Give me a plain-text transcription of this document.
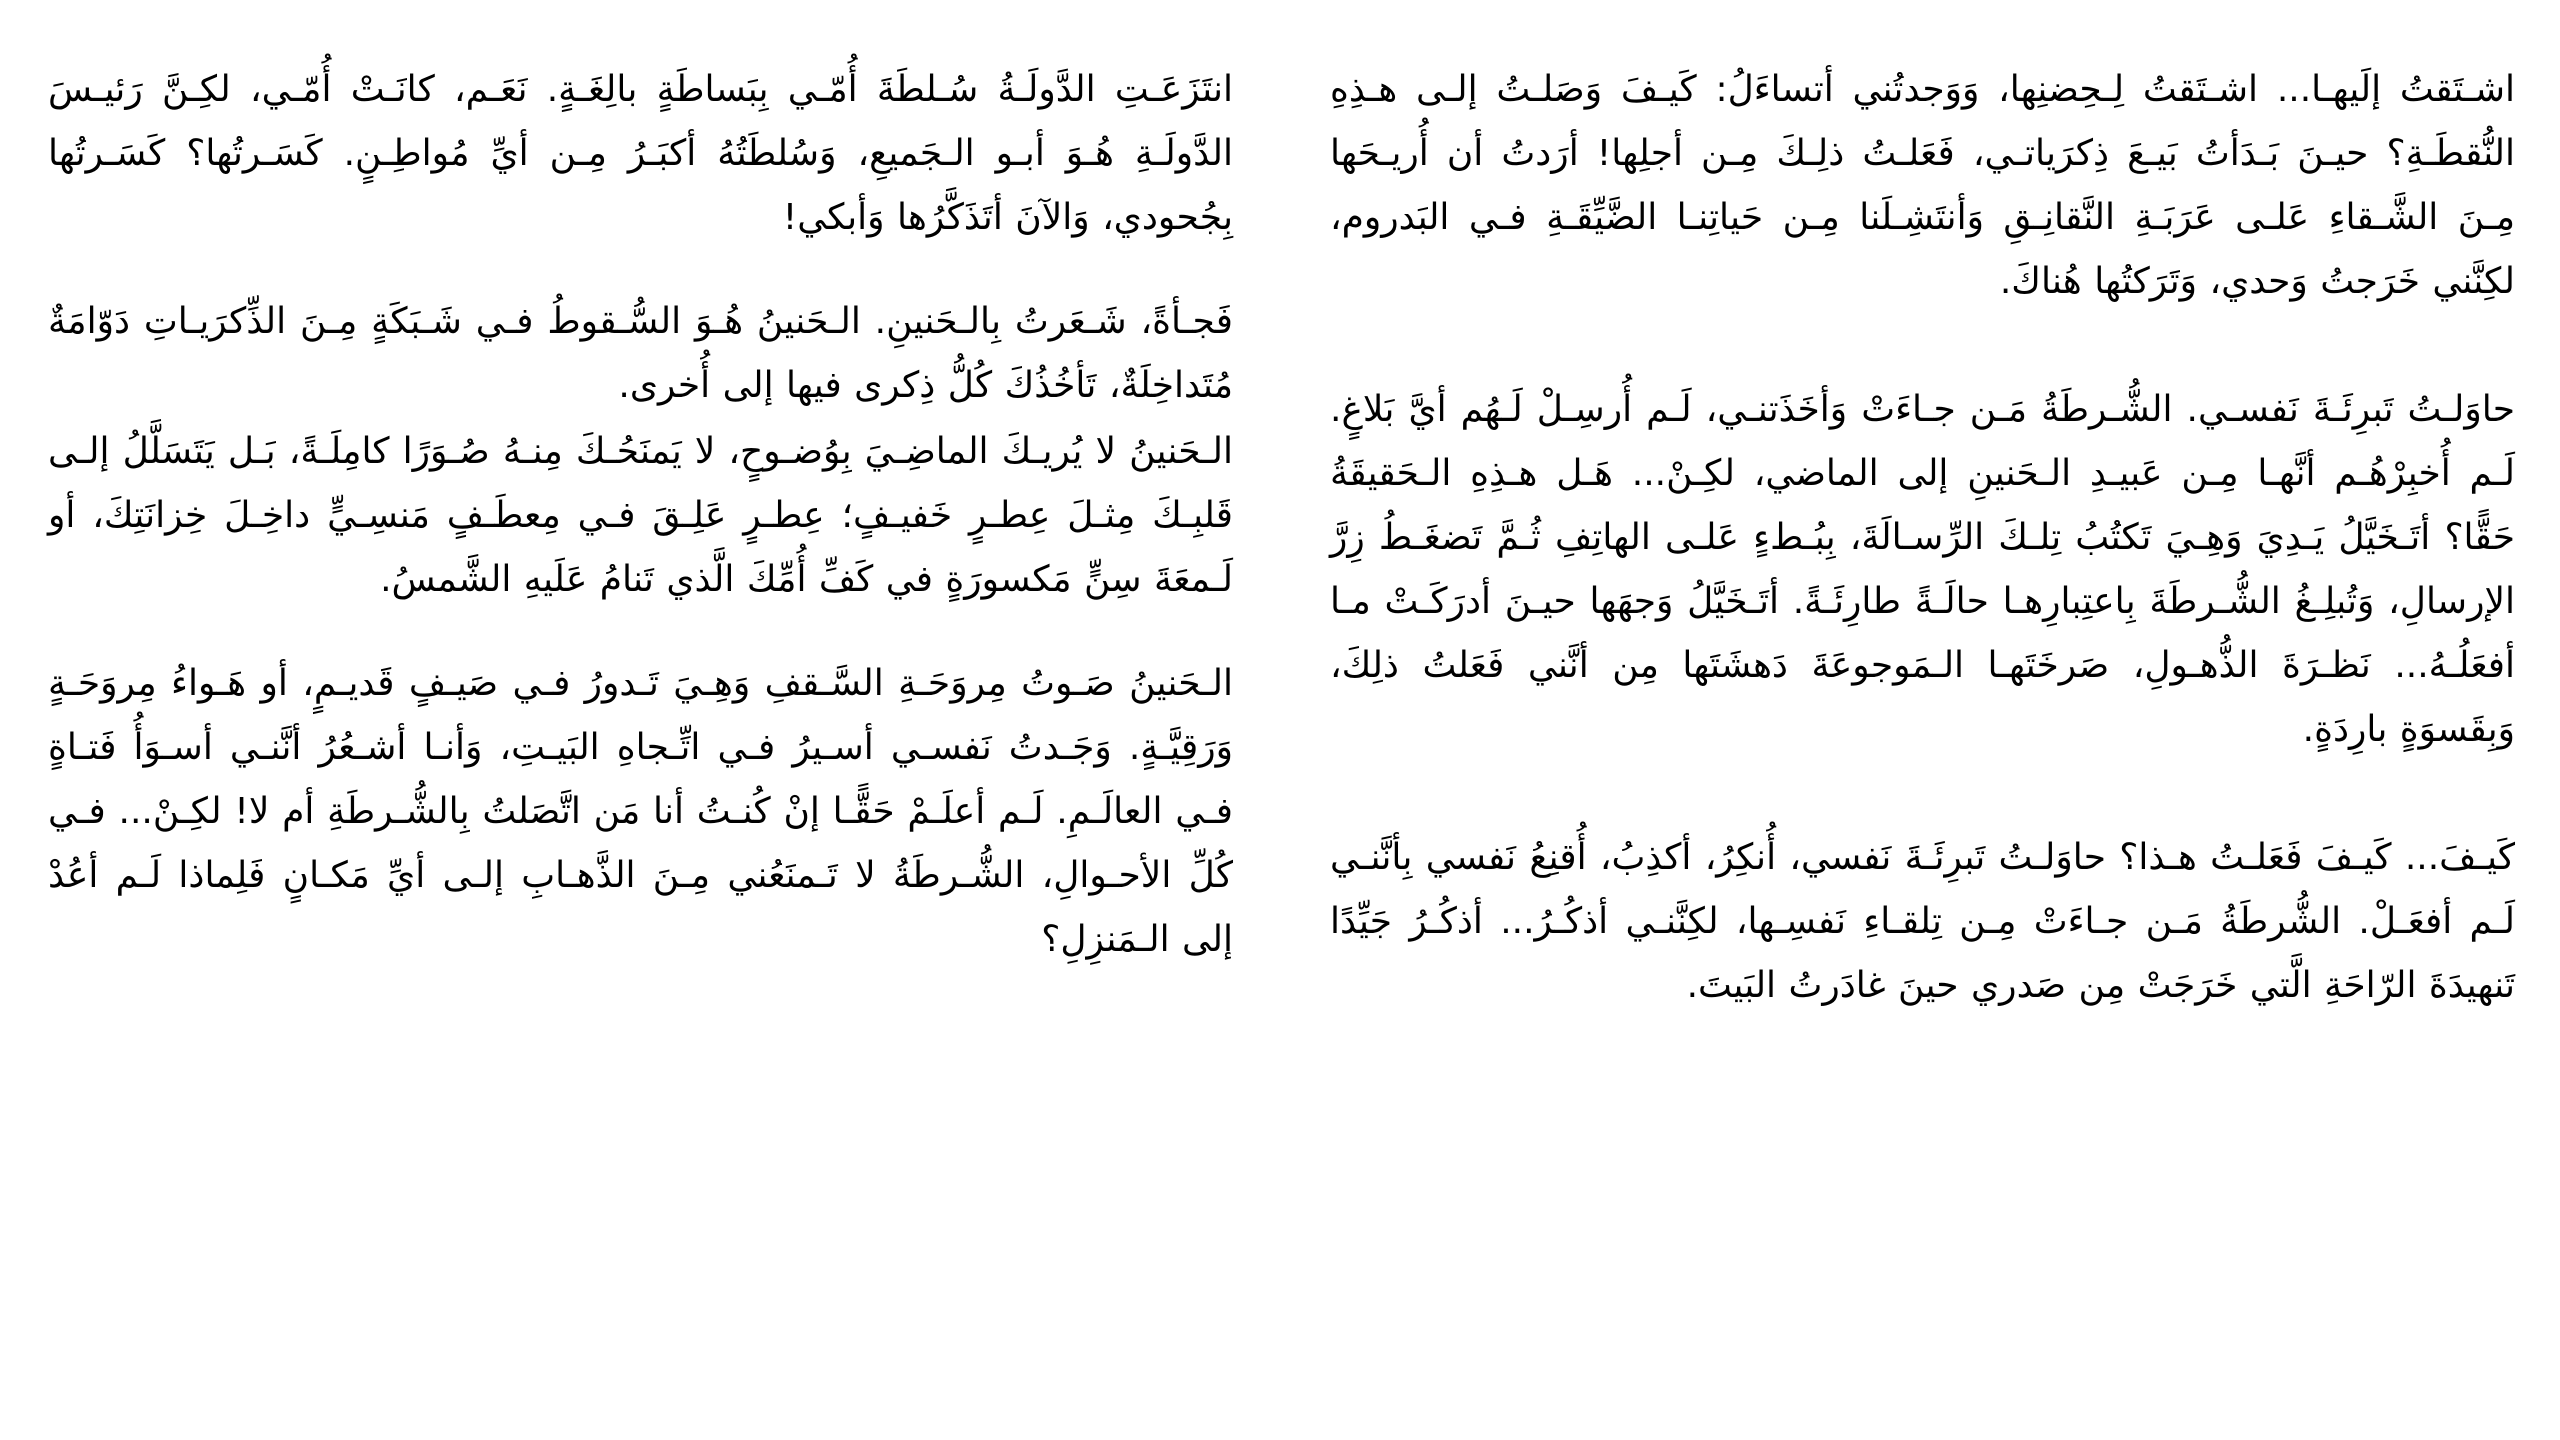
اشـتَقتُ إلَيهـا... اشـتَقتُ لِـحِضنِها، وَوَجدتُني أتساءَلُ: كَيـفَ وَصَلـتُ إلـى هـذِهِ النُّقطَـةِ؟ حيـنَ بَـدَأتُ بَيـعَ ذِكرَياتـي، فَعَلـتُ ذلِـكَ مِـن أجلِها! أرَدتُ أن أُريـحَها مِـنَ الشَّـقاءِ عَلـى عَرَبَـةِ النَّقانِـقِ وَأنتَشِـلَنا مِـن حَياتِنـا الضَّيِّقَـةِ فـي البَدروم، لكِنَّني خَرَجتُ وَحدي، وَتَرَكتُها هُناكَ.

حاوَلـتُ تَبرِئَـةَ نَفسـي. الشُّـرطَةُ مَـن جـاءَتْ وَأخَذَتنـي، لَـم أُرسِـلْ لَـهُم أيَّ بَلاغٍ. لَـم أُخبِرْهُـم أنَّهـا مِـن عَبيـدِ الـحَنينِ إلى الماضي، لكِـنْ... هَـل هـذِهِ الـحَقيقَةُ حَقًّا؟ أتَـخَيَّلُ يَـدِيَ وَهِـيَ تَكتُبُ تِلـكَ الرِّسـالَةَ، بِبُـطءٍ عَلـى الهاتِفِ ثُـمَّ تَضغَـطُ زِرَّ الإرسالِ، وَتُبلِـغُ الشُّـرطَةَ بِاعتِبارِهـا حالَـةً طارِئَـةً. أتَـخَيَّلُ وَجهَها حيـنَ أدرَكَـتْ مـا أفعَلُـهُ... نَظـرَةَ الذُّهـولِ، صَرخَتَهـا الـمَوجوعَةَ دَهشَتَها مِن أنَّني فَعَلتُ ذلِكَ، وَبِقَسوَةٍ بارِدَةٍ.

كَيـفَ... كَيـفَ فَعَلـتُ هـذا؟ حاوَلـتُ تَبرِئَـةَ نَفسي، أُنكِرُ، أكذِبُ، أُقنِعُ نَفسي بِأنَّنـي لَـم أفعَـلْ. الشُّرطَةُ مَـن جـاءَتْ مِـن تِلقـاءِ نَفسِـها، لكِنَّنـي أذكُـرُ... أذكُـرُ جَيِّدًا تَنهيدَةَ الرّاحَةِ الَّتي خَرَجَتْ مِن صَدري حينَ غادَرتُ البَيتَ.

انتَزَعَـتِ الدَّولَـةُ سُـلطَةَ أُمّـي بِبَساطَةٍ بالِغَـةٍ. نَعَـم، كانَـتْ أُمّـي، لكِـنَّ رَئيـسَ الدَّولَـةِ هُـوَ أبـو الـجَميعِ، وَسُلطَتُهُ أكبَـرُ مِـن أيِّ مُواطِـنٍ. كَسَـرتُها؟ كَسَـرتُها بِجُحودي، وَالآنَ أتَذَكَّرُها وَأبكي!

فَجـأةً، شَـعَرتُ بِالـحَنينِ. الـحَنينُ هُـوَ السُّـقوطُ فـي شَـبَكَةٍ مِـنَ الذِّكرَيـاتِ دَوّامَةٌ مُتَداخِلَةٌ، تَأخُذُكَ كُلُّ ذِكرى فيها إلى أُخرى.

الـحَنينُ لا يُريـكَ الماضِـيَ بِوُضـوحٍ، لا يَمنَحُـكَ مِنـهُ صُـوَرًا كامِلَـةً، بَـل يَتَسَلَّلُ إلـى قَلبِـكَ مِثـلَ عِطـرٍ خَفيـفٍ؛ عِطـرٍ عَلِـقَ فـي مِعطَـفٍ مَنسِـيٍّ داخِـلَ خِزانَتِكَ، أو لَـمعَةَ سِنٍّ مَكسورَةٍ في كَفِّ أُمِّكَ الَّذي تَنامُ عَلَيهِ الشَّمسُ.

الـحَنينُ صَـوتُ مِروَحَـةِ السَّـقفِ وَهِـيَ تَـدورُ فـي صَيـفٍ قَديـمٍ، أو هَـواءُ مِروَحَـةٍ وَرَقِيَّـةٍ. وَجَـدتُ نَفسـي أسـيرُ فـي اتِّـجاهِ البَيـتِ، وَأنـا أشـعُرُ أنَّنـي أسـوَأُ فَتـاةٍ فـي العالَـمِ. لَـم أعلَـمْ حَقًّـا إنْ كُنـتُ أنا مَن اتَّصَلتُ بِالشُّـرطَةِ أم لا! لكِـنْ... فـي كُلِّ الأحـوالِ، الشُّـرطَةُ لا تَـمنَعُني مِـنَ الذَّهـابِ إلـى أيِّ مَكـانٍ فَلِماذا لَـم أعُدْ إلى الـمَنزِلِ؟
